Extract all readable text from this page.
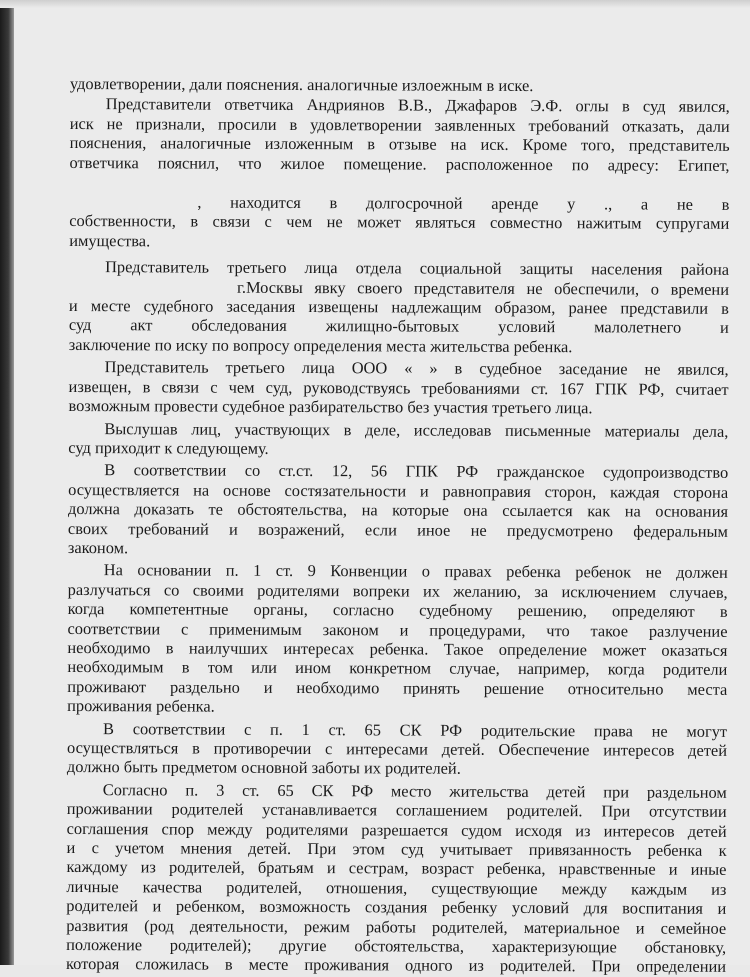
удовлетворении, дали пояснения. аналогичные излоежным в иске.

Представители ответчика Андриянов В.В., Джафаров Э.Ф. оглы в суд явился,
иск не признали, просили в удовлетворении заявленных требований отказать, дали
пояснения, аналогичные изложенным в отзыве на иск. Кроме того, представитель
ответчика пояснил, что жилое помещение. расположенное по адресу: Египет,

, находится в долгосрочной аренде у ., а не в
собственности, в связи с чем не может являться совместно нажитым супругами
имущества.

Представитель третьего лица отдела социальной защиты населения района
г.Москвы явку своего представителя не обеспечили, о времени
и месте судебного заседания извещены надлежащим образом, ранее представили в
суд акт обследования жилищно-бытовых условий малолетнего и
заключение по иску по вопросу определения места жительства ребенка.

Представитель третьего лица ООО « » в судебное заседание не явился,
извещен, в связи с чем суд, руководствуясь требованиями ст. 167 ГПК РФ, считает
возможным провести судебное разбирательство без участия третьего лица.

Выслушав лиц, участвующих в деле, исследовав письменные материалы дела,
суд приходит к следующему.

В соответствии со ст.ст. 12, 56 ГПК РФ гражданское судопроизводство
осуществляется на основе состязательности и равноправия сторон, каждая сторона
должна доказать те обстоятельства, на которые она ссылается как на основания
своих требований и возражений, если иное не предусмотрено федеральным
законом.

На основании п. 1 ст. 9 Конвенции о правах ребенка ребенок не должен
разлучаться со своими родителями вопреки их желанию, за исключением случаев,
когда компетентные органы, согласно судебному решению, определяют в
соответствии с применимым законом и процедурами, что такое разлучение
необходимо в наилучших интересах ребенка. Такое определение может оказаться
необходимым в том или ином конкретном случае, например, когда родители
проживают раздельно и необходимо принять решение относительно места
проживания ребенка.

В соответствии с п. 1 ст. 65 СК РФ родительские права не могут
осуществляться в противоречии с интересами детей. Обеспечение интересов детей
должно быть предметом основной заботы их родителей.

Согласно п. 3 ст. 65 СК РФ место жительства детей при раздельном
проживании родителей устанавливается соглашением родителей. При отсутствии
соглашения спор между родителями разрешается судом исходя из интересов детей
и с учетом мнения детей. При этом суд учитывает привязанность ребенка к
каждому из родителей, братьям и сестрам, возраст ребенка, нравственные и иные
личные качества родителей, отношения, существующие между каждым из
родителей и ребенком, возможность создания ребенку условий для воспитания и
развития (род деятельности, режим работы родителей, материальное и семейное
положение родителей); другие обстоятельства, характеризующие обстановку,
которая сложилась в месте проживания одного из родителей. При определении
